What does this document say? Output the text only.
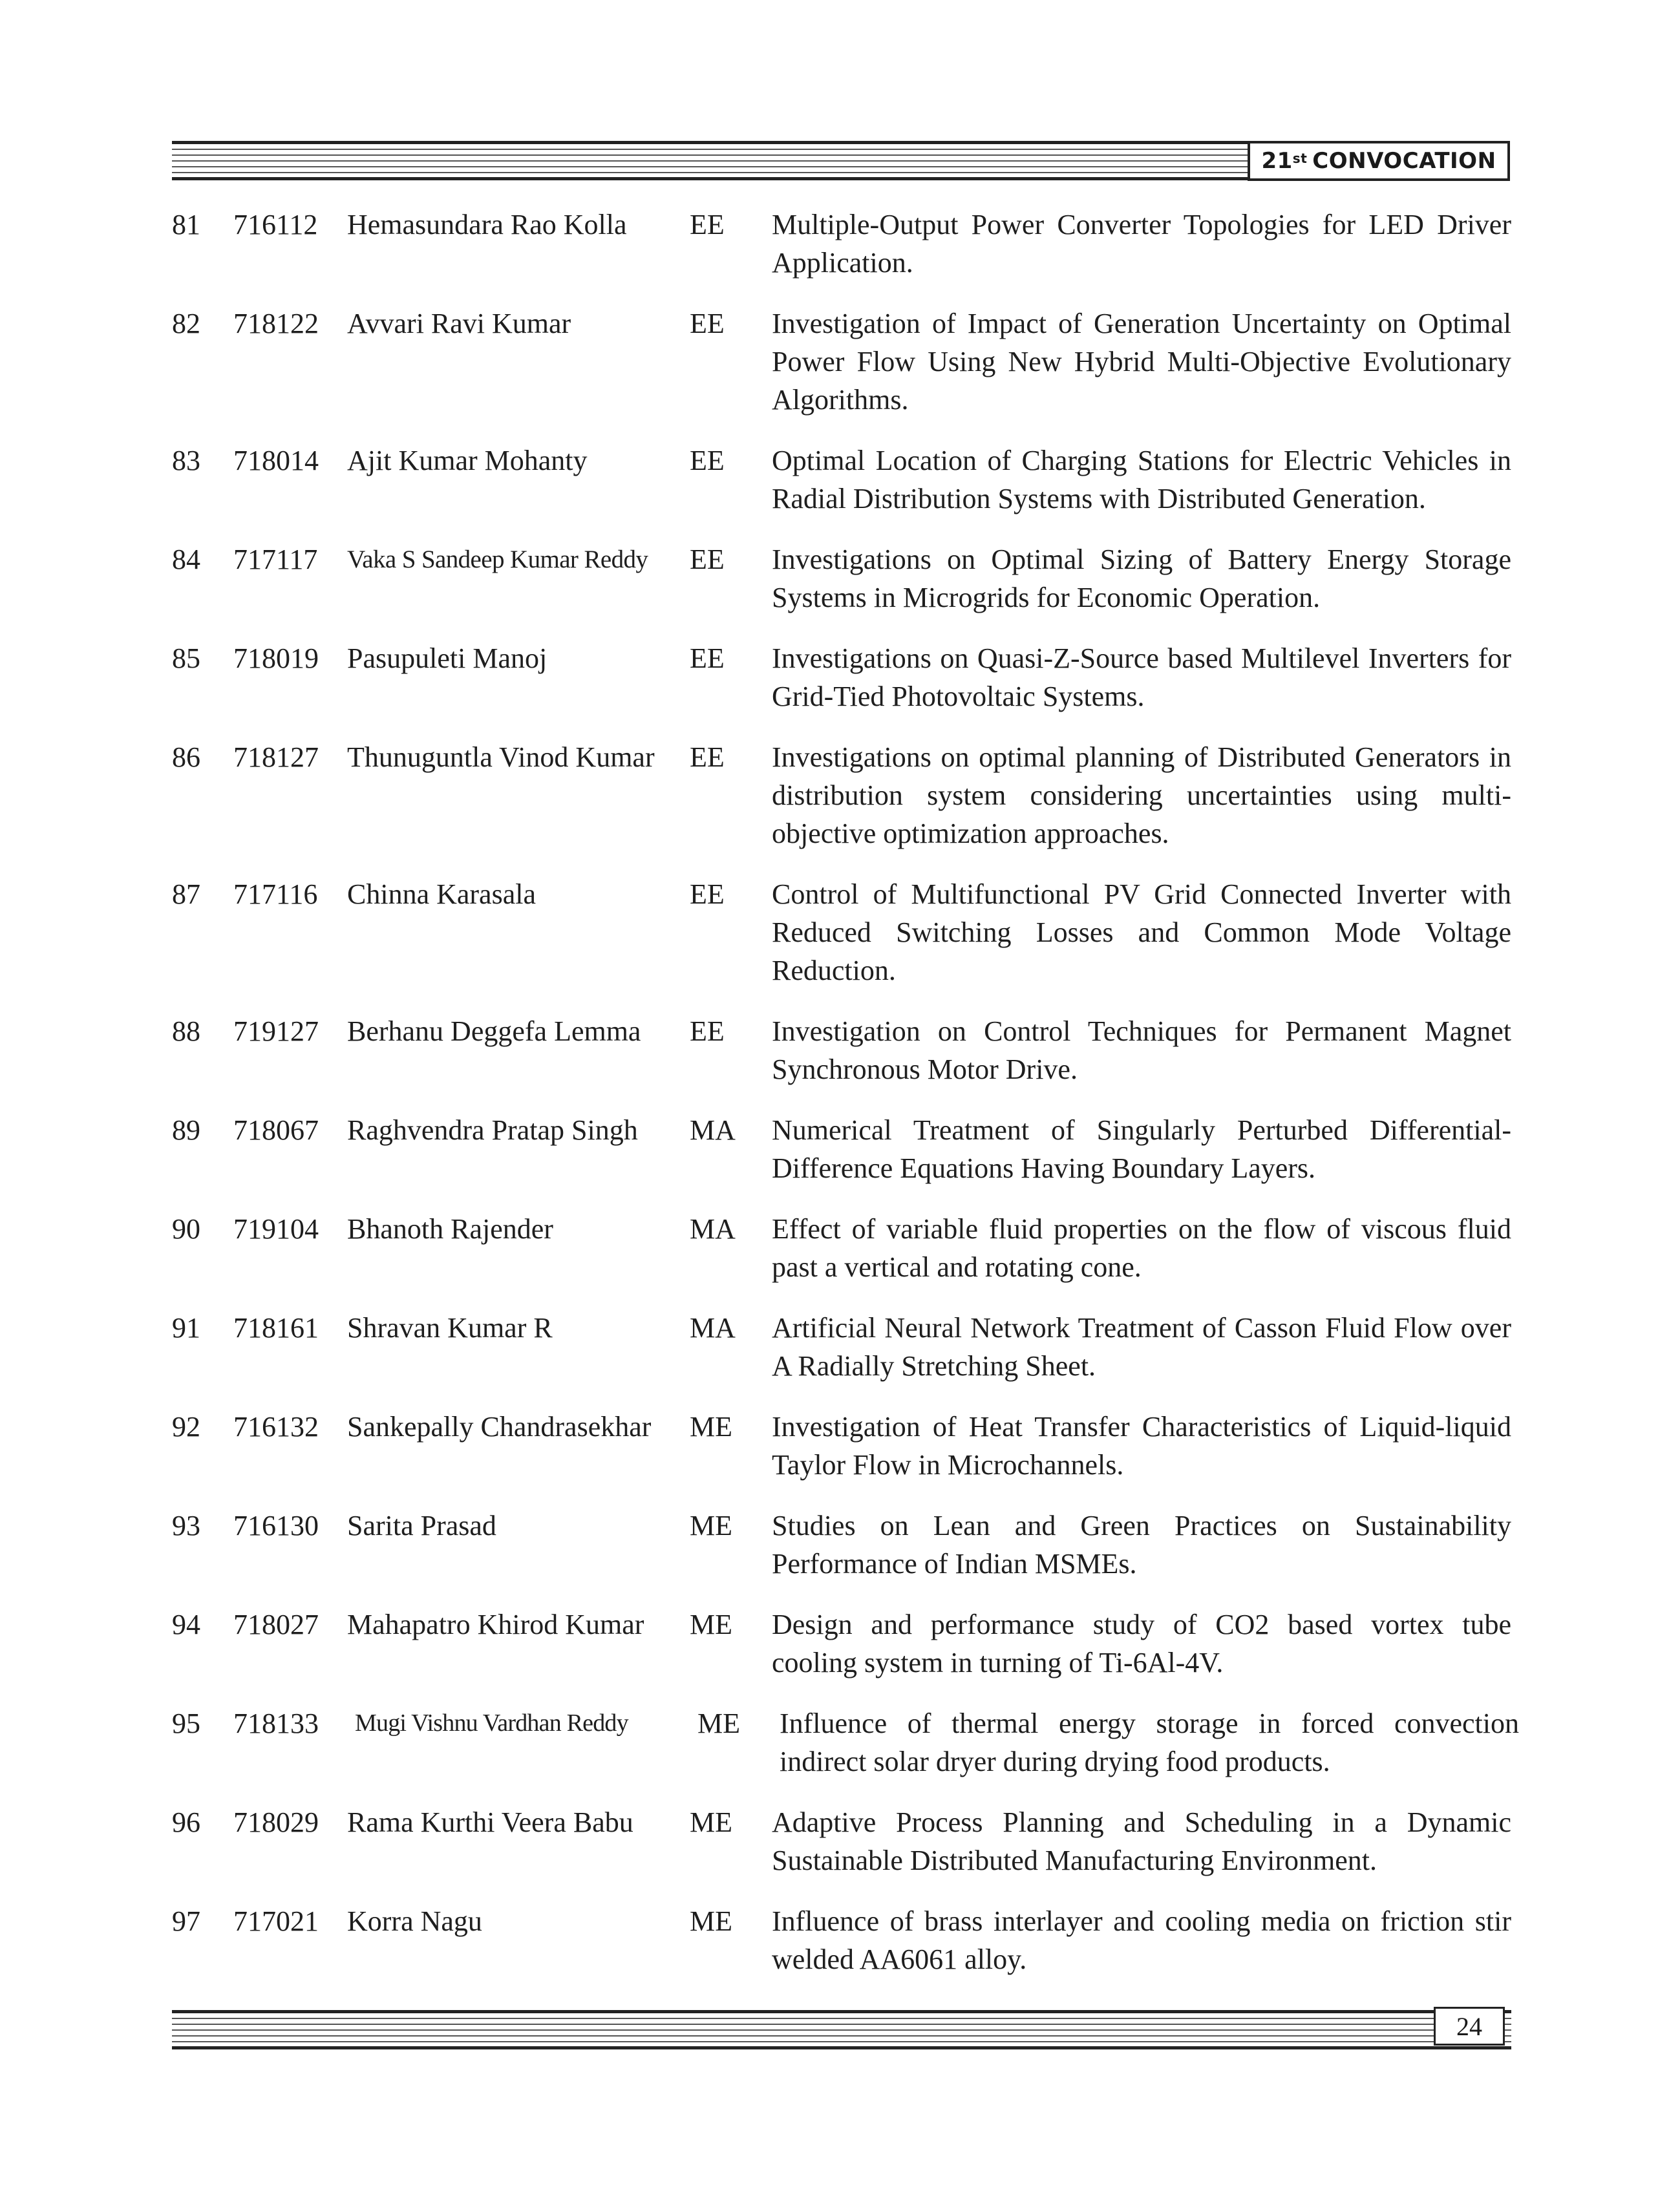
21st CONVOCATION
81	716112	Hemasundara Rao Kolla	EE	Multiple-Output Power Converter Topologies for LED Driver Application.
82	718122	Avvari Ravi Kumar	EE	Investigation of Impact of Generation Uncertainty on Optimal Power Flow Using New Hybrid Multi-Objective Evolutionary Algorithms.
83	718014	Ajit Kumar Mohanty	EE	Optimal Location of Charging Stations for Electric Vehicles in Radial Distribution Systems with Distributed Generation.
84	717117	Vaka S Sandeep Kumar Reddy	EE	Investigations on Optimal Sizing of Battery Energy Storage Systems in Microgrids for Economic Operation.
85	718019	Pasupuleti Manoj	EE	Investigations on Quasi-Z-Source based Multilevel Inverters for Grid-Tied Photovoltaic Systems.
86	718127	Thunuguntla Vinod Kumar	EE	Investigations on optimal planning of Distributed Generators in distribution system considering uncertainties using multi-objective optimization approaches.
87	717116	Chinna Karasala	EE	Control of Multifunctional PV Grid Connected Inverter with Reduced Switching Losses and Common Mode Voltage Reduction.
88	719127	Berhanu Deggefa Lemma	EE	Investigation on Control Techniques for Permanent Magnet Synchronous Motor Drive.
89	718067	Raghvendra Pratap Singh	MA	Numerical Treatment of Singularly Perturbed Differential-Difference Equations Having Boundary Layers.
90	719104	Bhanoth Rajender	MA	Effect of variable fluid properties on the flow of viscous fluid past a vertical and rotating cone.
91	718161	Shravan Kumar R	MA	Artificial Neural Network Treatment of Casson Fluid Flow over A Radially Stretching Sheet.
92	716132	Sankepally Chandrasekhar	ME	Investigation of Heat Transfer Characteristics of Liquid-liquid Taylor Flow in Microchannels.
93	716130	Sarita Prasad	ME	Studies on Lean and Green Practices on Sustainability Performance of Indian MSMEs.
94	718027	Mahapatro Khirod Kumar	ME	Design and performance study of CO2 based vortex tube cooling system in turning of Ti-6Al-4V.
95	718133	Mugi Vishnu Vardhan Reddy	ME	Influence of thermal energy storage in forced convection indirect solar dryer during drying food products.
96	718029	Rama Kurthi Veera Babu	ME	Adaptive Process Planning and Scheduling in a Dynamic Sustainable Distributed Manufacturing Environment.
97	717021	Korra Nagu	ME	Influence of brass interlayer and cooling media on friction stir welded AA6061 alloy.
24
